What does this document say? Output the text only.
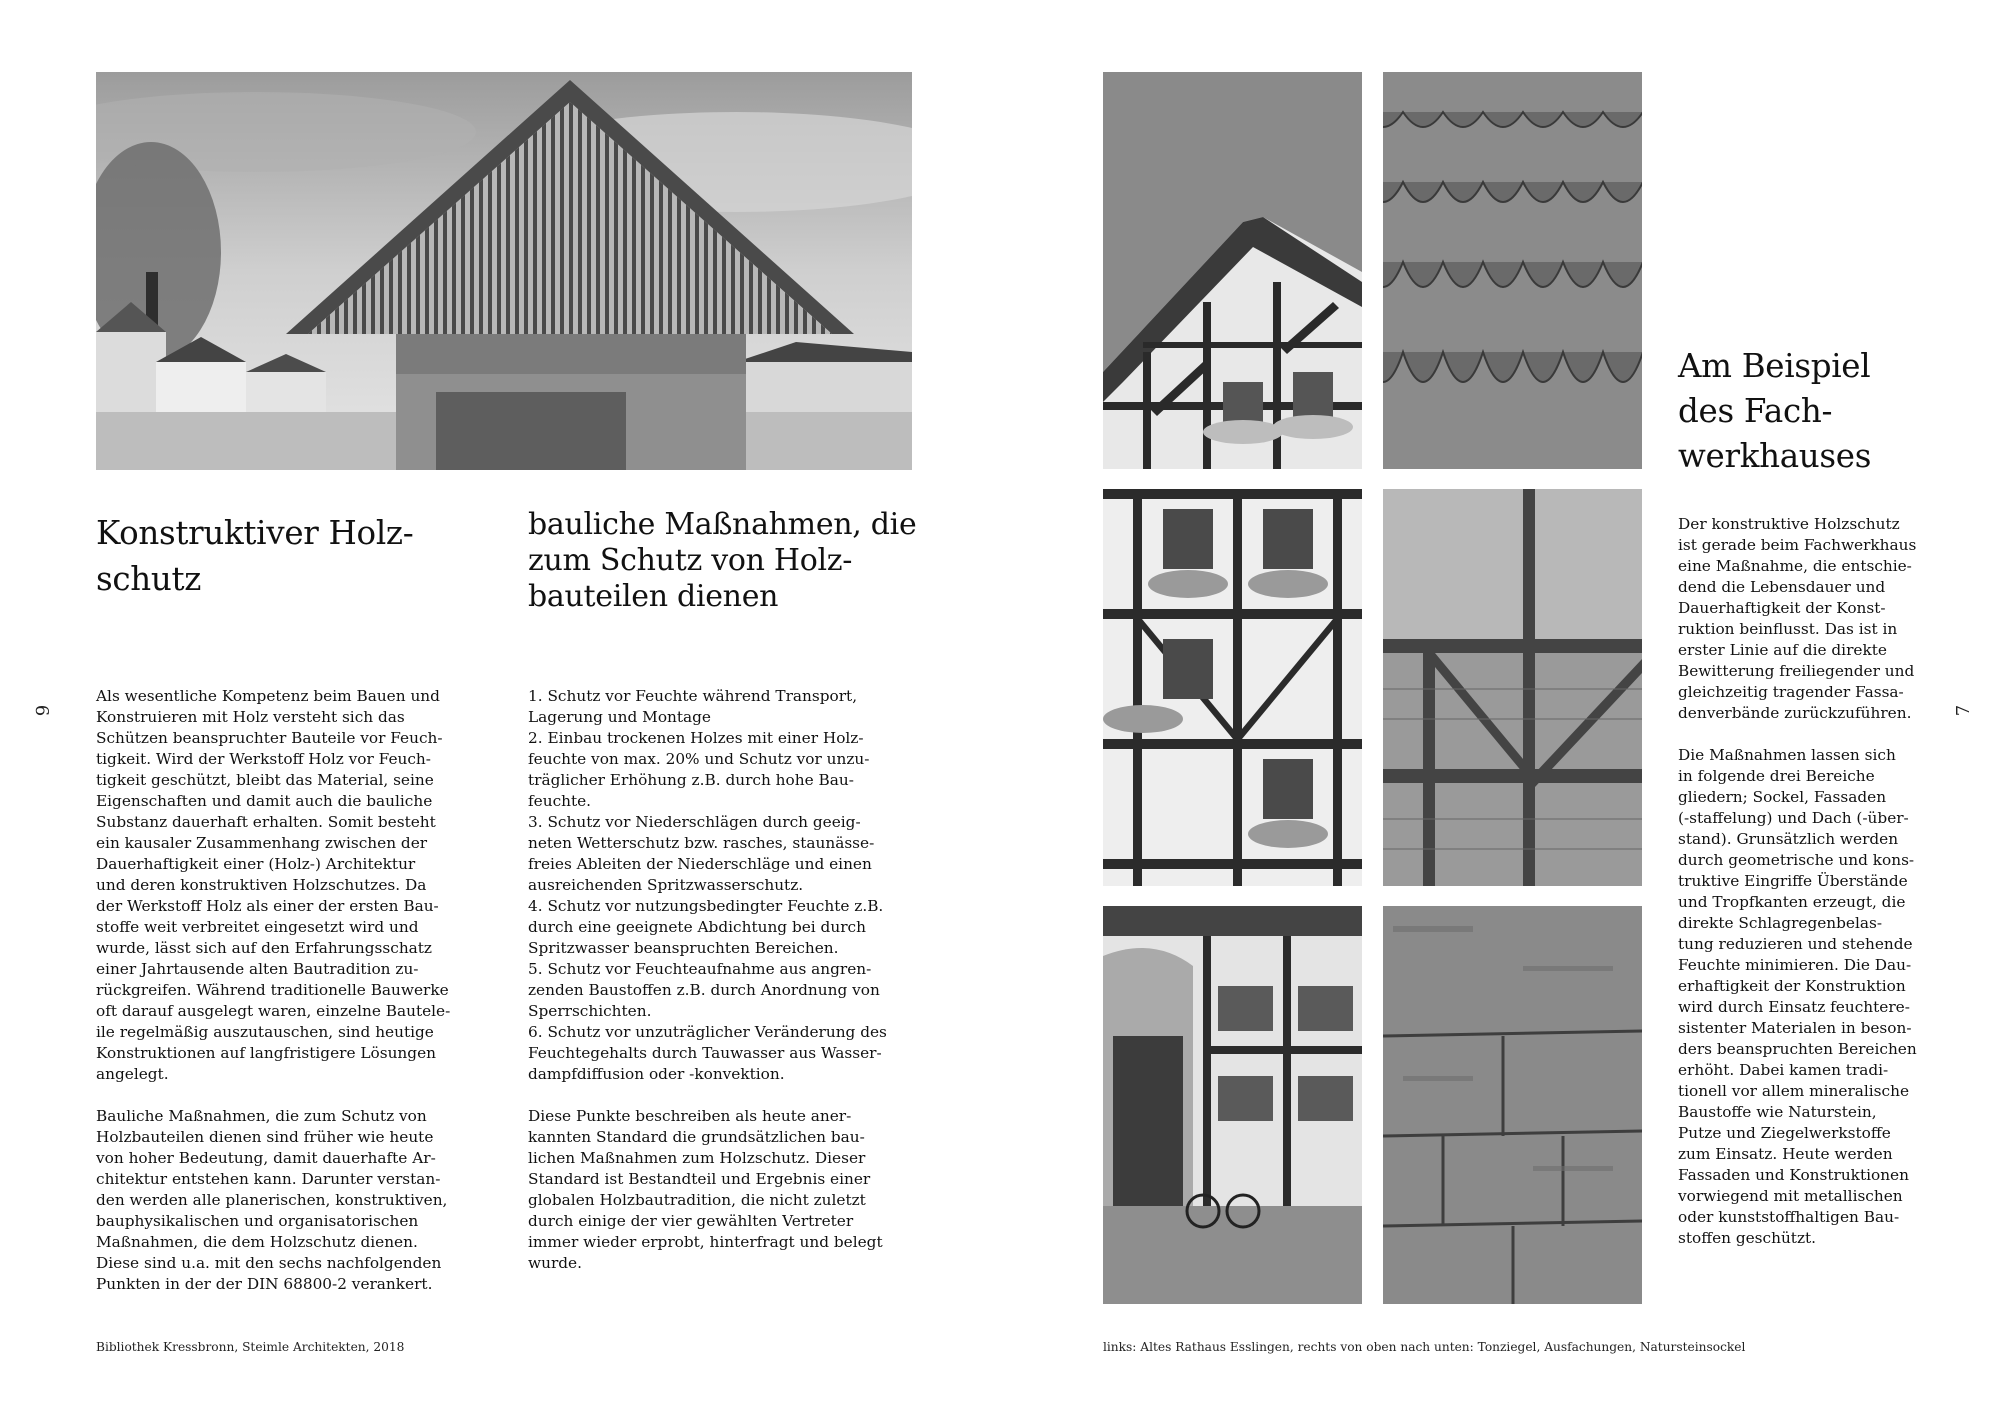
Konstruktiver Holz-
schutz
bauliche Maßnahmen, die
zum Schutz von Holz-
bauteilen dienen
6
Als wesentliche Kompetenz beim Bauen und
Konstruieren mit Holz versteht sich das
Schützen beanspruchter Bauteile vor Feuch-
tigkeit. Wird der Werkstoff Holz vor Feuch-
tigkeit geschützt, bleibt das Material, seine
Eigenschaften und damit auch die bauliche
Substanz dauerhaft erhalten. Somit besteht
ein kausaler Zusammenhang zwischen der
Dauerhaftigkeit einer (Holz-) Architektur
und deren konstruktiven Holzschutzes. Da
der Werkstoff Holz als einer der ersten Bau-
stoffe weit verbreitet eingesetzt wird und
wurde, lässt sich auf den Erfahrungsschatz
einer Jahrtausende alten Bautradition zu-
rückgreifen. Während traditionelle Bauwerke
oft darauf ausgelegt waren, einzelne Bautele-
ile regelmäßig auszutauschen, sind heutige
Konstruktionen auf langfristigere Lösungen
angelegt.
Bauliche Maßnahmen, die zum Schutz von
Holzbauteilen dienen sind früher wie heute
von hoher Bedeutung, damit dauerhafte Ar-
chitektur entstehen kann. Darunter verstan-
den werden alle planerischen, konstruktiven,
bauphysikalischen und organisatorischen
Maßnahmen, die dem Holzschutz dienen.
Diese sind u.a. mit den sechs nachfolgenden
Punkten in der der DIN 68800-2 verankert.
1. Schutz vor Feuchte während Transport,
Lagerung und Montage
2. Einbau trockenen Holzes mit einer Holz-
feuchte von max. 20% und Schutz vor unzu-
träglicher Erhöhung z.B. durch hohe Bau-
feuchte.
3. Schutz vor Niederschlägen durch geeig-
neten Wetterschutz bzw. rasches, staunässe-
freies Ableiten der Niederschläge und einen
ausreichenden Spritzwasserschutz.
4. Schutz vor nutzungsbedingter Feuchte z.B.
durch eine geeignete Abdichtung bei durch
Spritzwasser beanspruchten Bereichen.
5. Schutz vor Feuchteaufnahme aus angren-
zenden Baustoffen z.B. durch Anordnung von
Sperrschichten.
6. Schutz vor unzuträglicher Veränderung des
Feuchtegehalts durch Tauwasser aus Wasser-
dampfdiffusion oder -konvektion.
Diese Punkte beschreiben als heute aner-
kannten Standard die grundsätzlichen bau-
lichen Maßnahmen zum Holzschutz. Dieser
Standard ist Bestandteil und Ergebnis einer
globalen Holzbautradition, die nicht zuletzt
durch einige der vier gewählten Vertreter
immer wieder erprobt, hinterfragt und belegt
wurde.
Bibliothek Kressbronn, Steimle Architekten, 2018
Am Beispiel
des Fach-
werkhauses
Der konstruktive Holzschutz
ist gerade beim Fachwerkhaus
eine Maßnahme, die entschie-
dend die Lebensdauer und
Dauerhaftigkeit der Konst-
ruktion beinflusst. Das ist in
erster Linie auf die direkte
Bewitterung freiliegender und
gleichzeitig tragender Fassa-
denverbände zurückzuführen.
Die Maßnahmen lassen sich
in folgende drei Bereiche
gliedern; Sockel, Fassaden
(-staffelung) und Dach (-über-
stand). Grunsätzlich werden
durch geometrische und kons-
truktive Eingriffe Überstände
und Tropfkanten erzeugt, die
direkte Schlagregenbelas-
tung reduzieren und stehende
Feuchte minimieren. Die Dau-
erhaftigkeit der Konstruktion
wird durch Einsatz feuchtere-
sistenter Materialen in beson-
ders beanspruchten Bereichen
erhöht. Dabei kamen tradi-
tionell vor allem mineralische
Baustoffe wie Naturstein,
Putze und Ziegelwerkstoffe
zum Einsatz. Heute werden
Fassaden und Konstruktionen
vorwiegend mit metallischen
oder kunststoffhaltigen Bau-
stoffen geschützt.
7
links: Altes Rathaus Esslingen, rechts von oben nach unten: Tonziegel, Ausfachungen, Natursteinsockel
